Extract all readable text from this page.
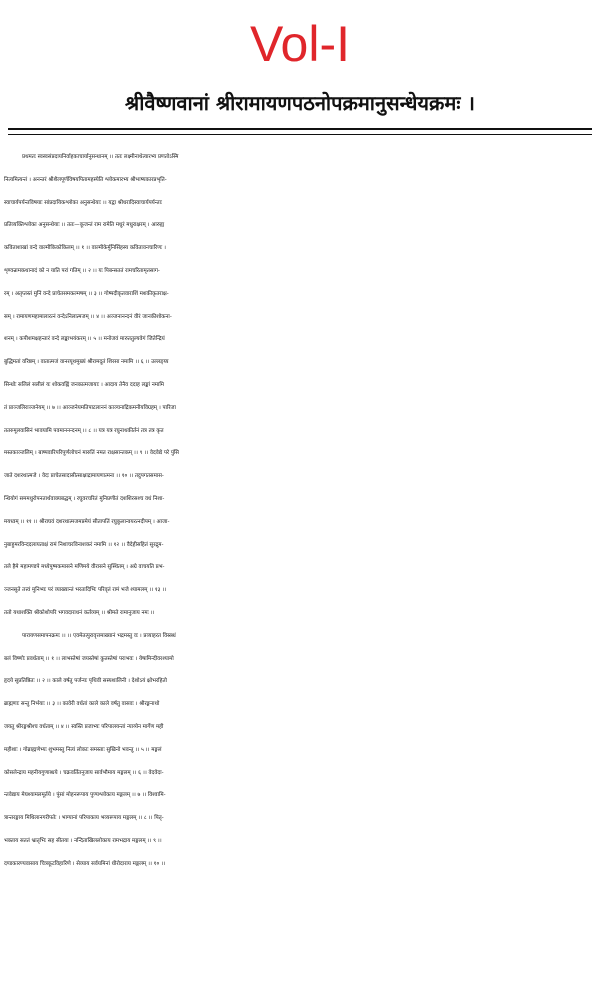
Vol-I
श्रीवैष्णवानां श्रीरामायणपठनोपक्रमानुसन्धेयक्रमः ।
प्रथमतः स्वस्वसंप्रदायनिर्वाहकाचार्यानुसन्धानम् ।। ततः लक्ष्मीनाथेत्यारभ्य प्रणतोऽस्मि
नित्यमित्यन्तं । अनन्तरं श्रीशैलपूर्णविषयपितामहस्येति श्लोकमारभ्य श्रीभाष्यकारप्रभृति-
स्वाचार्यपर्यन्तविषयाः सांप्रदायिकश्लोका अनुसन्धेयाः ।। यद्वा श्रीधरादिस्वाचार्यपर्यन्ताः
प्रतिव्यक्तिश्लोका अनुसन्धेयाः ।। ततः—कूजन्तं राम रामेति मधुरं मधुराक्षरम् । आरुह्य
कविताशाखां वन्दे वाल्मीकिकोकिलम् ।। १ ।। वाल्मीकेर्मुनिसिंहस्य कवितावनचारिणः ।
शृण्वन्रामकथानादं को न याति परां गतिम् ।। २ ।। यः पिबन्सततं रामचरितामृतसाग-
रम् । अतृप्तस्तं मुनिं वन्दे प्राचेतसमकल्मषम् ।। ३ ।। गोष्पदीकृतवाराशिं मशकीकृतराक्ष-
सम् । रामायणमहामालारत्नं वन्देऽनिलात्मजम् ।। ४ ।। अञ्जनानन्दनं वीरं जानकीशोकना-
शनम् । कपीशमक्षहन्तारं वन्दे लङ्काभयंकरम् ।। ५ ।। मनोजवं मारुततुल्यवेगं जितेन्द्रियं
बुद्धिमतां वरिष्ठम् । वातात्मजं वानरयूथमुख्यं श्रीरामदूतं शिरसा नमामि ।। ६ ।। उल्लङ्घ्य
सिन्धोः सलिलं सलीलं यः शोकवह्निं जनकात्मजायाः । आदाय तेनैव ददाह लङ्कां नमामि
तं प्राञ्जलिराञ्जनेयम् ।। ७ ।। आञ्जनेयमतिपाटलाननं काञ्चनाद्रिकमनीयविग्रहम् । पारिजा
ततरुमूलवासिनं भावयामि पवमाननन्दनम् ।। ८ ।। यत्र यत्र रघुनाथकीर्तनं तत्र तत्र कृत
मस्तकाञ्जलिम् । बाष्पवारिपरिपूर्णलोचनं मारुतिं नमत राक्षसान्तकम् ।। ९ ।। वेदवेद्ये परे पुंसि
जाते दशरथात्मजे । वेदः प्राचेतसादासीत्साक्षाद्रामायणात्मना ।। १० ।। तदुपगतसमास-
न्धियोगं सममधुरोपनतार्थवाक्यबद्धम् । रघुवरचरितं मुनिप्रणीतं दशशिरसश्च वधं निशा-
मयध्वम् ।। ११ ।। श्रीराघवं दशरथात्मजमप्रमेयं सीतापतिं रघुकुलान्वयरत्नदीपम् । आजा-
नुबाहुमरविन्ददलायताक्षं रामं निशाचरविनाशकरं नमामि ।। १२ ।। वैदेहीसहितं सुरद्रुम-
तले हैमे महामण्डपे मध्येपुष्पकमासने मणिमये वीरासने सुस्थितम् । अग्रे वाचयति प्रभ-
ञ्जनसुते तत्त्वं मुनिभ्यः परं व्याख्यान्तं भरतादिभिः परिवृतं रामं भजे श्यामलम् ।। १३ ।।
ततो यथाशक्ति श्रीकोशोपरि भगवदाराधनं कर्तव्यम् ।। श्रीमते रामानुजाय नमः ।।
पारायणसमापनक्रमः ।। ।। एवमेतत्पुरावृत्तमाख्यानं भद्रमस्तु वः । प्रव्याहरत विस्रब्धं
बलं विष्णोः प्रवर्धताम् ।। १ ।। लाभस्तेषां जयस्तेषां कुतस्तेषां पराभवः । येषामिन्दीवरश्यामो
हृदये सुप्रतिष्ठितः ।। २ ।। काले वर्षतु पर्जन्यः पृथिवी सस्यशालिनी । देशोऽयं क्षोभरहितो
ब्राह्मणाः सन्तु निर्भयाः ।। ३ ।। कावेरी वर्धतां काले काले वर्षतु वासवः । श्रीरङ्गनाथो
जयतु श्रीरङ्गश्रीश्च वर्धताम् ।। ४ ।। स्वस्ति प्रजाभ्यः परिपालयन्तां न्याय्येन मार्गेण मही
महीशाः । गोब्राह्मणेभ्यः शुभमस्तु नित्यं लोकाः समस्ताः सुखिनो भवन्तु ।। ५ ।। मङ्गलं
कोसलेन्द्राय महनीयगुणाब्धये । चक्रवर्तितनूजाय सार्वभौमाय मङ्गलम् ।। ६ ।। वेदवेदा-
न्तवेद्याय मेघश्यामलमूर्तये । पुंसां मोहनरूपाय पुण्यश्लोकाय मङ्गलम् ।। ७ ।। विश्वामि-
त्रान्तरङ्गाय मिथिलानगरीपतेः । भाग्यानां परिपाकाय भव्यरूपाय मङ्गलम् ।। ८ ।। पितृ-
भक्ताय सततं भ्रातृभिः सह सीतया । नन्दिताखिललोकाय रामभद्राय मङ्गलम् ।। ९ ।।
दण्डकारण्यवासाय चित्रकूटविहारिणे । सेव्याय सर्वयमिनां धीरोदाराय मङ्गलम् ।। १० ।।
